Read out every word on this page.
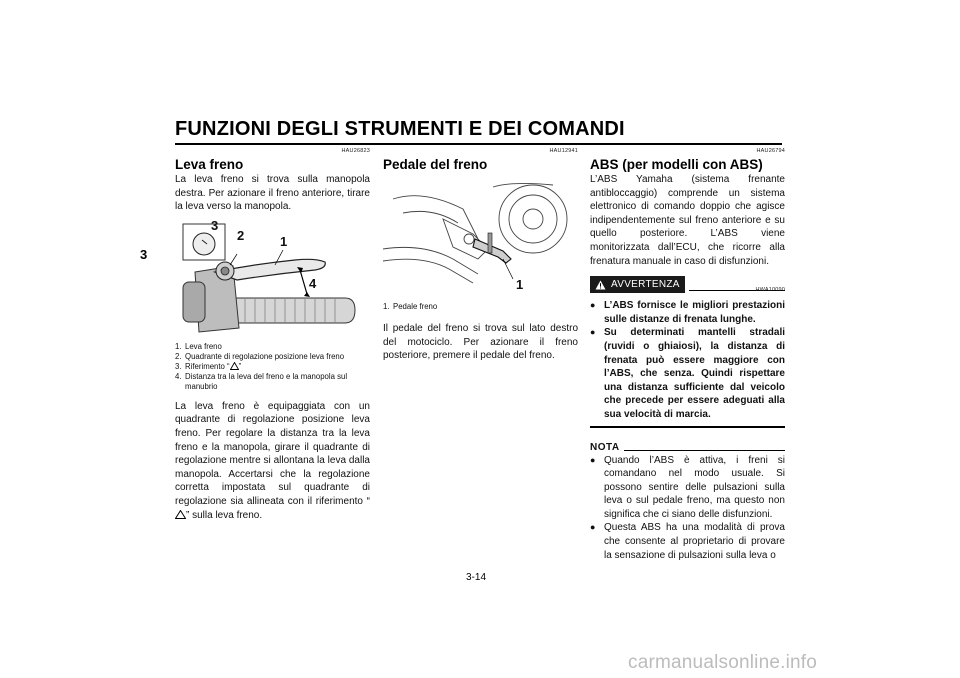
FUNZIONI DEGLI STRUMENTI E DEI COMANDI
3
HAU26823
Leva freno

La leva freno si trova sulla manopola destra. Per azionare il freno anteriore, tirare la leva verso la manopola.

3
2	1
4
1. Leva freno
2. Quadrante di regolazione posizione leva freno
3. Riferimento “ ”
4. Distanza tra la leva del freno e la manopola sul manubrio

La leva freno è equipaggiata con un quadrante di regolazione posizione leva freno. Per regolare la distanza tra la leva freno e la manopola, girare il quadrante di regolazione mentre si allontana la leva dalla manopola. Accertarsi che la regolazione corretta impostata sul quadrante di regolazione sia allineata con il riferimento “” sulla leva freno.

HAU12941
Pedale del freno
1
1. Pedale freno

Il pedale del freno si trova sul lato destro del motociclo. Per azionare il freno posteriore, premere il pedale del freno.

HAU26794
ABS (per modelli con ABS)

L’ABS Yamaha (sistema frenante antibloccaggio) comprende un sistema elettronico di comando doppio che agisce indipendentemente sul freno anteriore e su quello posteriore. L’ABS viene monitorizzata dall’ECU, che ricorre alla frenatura manuale in caso di disfunzioni.

AVVERTENZA	HWA10090
● L’ABS fornisce le migliori prestazioni sulle distanze di frenata lunghe.
● Su determinati mantelli stradali (ruvidi o ghiaiosi), la distanza di frenata può essere maggiore con l’ABS, che senza. Quindi rispettare una distanza sufficiente dal veicolo che precede per essere adeguati alla sua velocità di marcia.
NOTA
● Quando l’ABS è attiva, i freni si comandano nel modo usuale. Si possono sentire delle pulsazioni sulla leva o sul pedale freno, ma questo non significa che ci siano delle disfunzioni.
● Questa ABS ha una modalità di prova che consente al proprietario di provare la sensazione di pulsazioni sulla leva o
3-14
carmanualsonline.info
